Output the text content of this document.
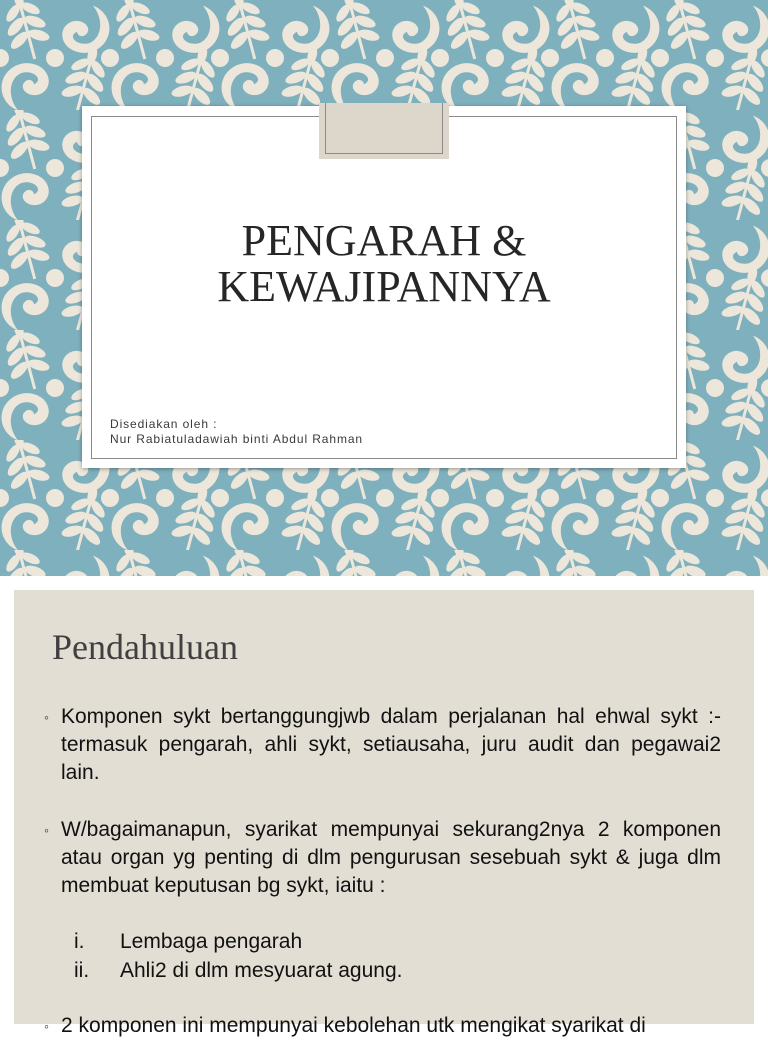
PENGARAH &
KEWAJIPANNYA
Disediakan oleh :
Nur Rabiatuladawiah binti Abdul Rahman
Pendahuluan
◦ Komponen sykt bertanggungjwb dalam perjalanan hal ehwal sykt :- termasuk pengarah, ahli sykt, setiausaha, juru audit dan pegawai2 lain.
◦ W/bagaimanapun, syarikat mempunyai sekurang2nya 2 komponen atau organ yg penting di dlm pengurusan sesebuah sykt & juga dlm membuat keputusan bg sykt, iaitu :
i. Lembaga pengarah
ii. Ahli2 di dlm mesyuarat agung.
◦ 2 komponen ini mempunyai kebolehan utk mengikat syarikat di
